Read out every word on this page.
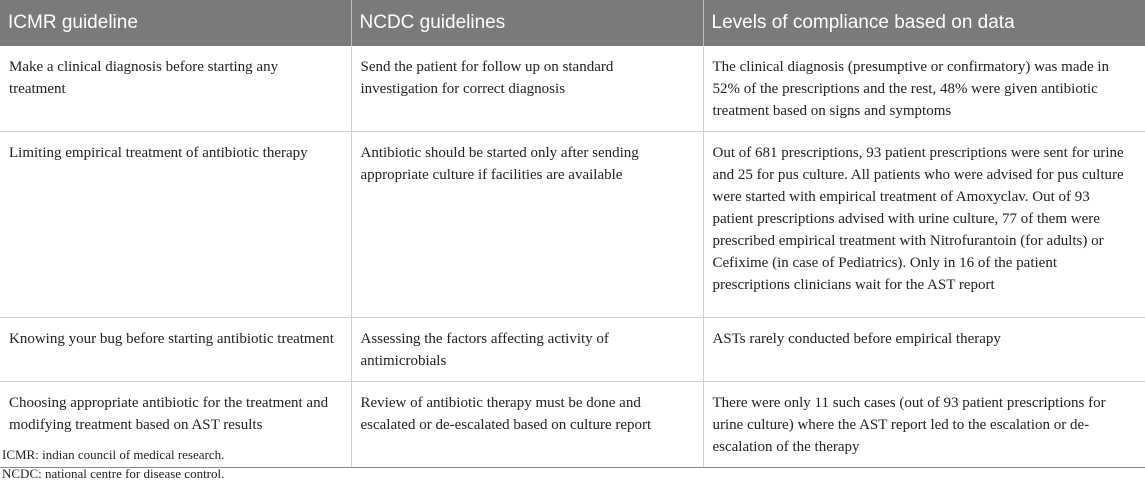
ICMR guideline	NCDC guidelines	Levels of compliance based on data
Make a clinical diagnosis before starting any treatment	Send the patient for follow up on standard investigation for correct diagnosis	The clinical diagnosis (presumptive or confirmatory) was made in 52% of the prescriptions and the rest, 48% were given antibiotic treatment based on signs and symptoms
Limiting empirical treatment of antibiotic therapy	Antibiotic should be started only after sending appropriate culture if facilities are available	Out of 681 prescriptions, 93 patient prescriptions were sent for urine and 25 for pus culture. All patients who were advised for pus culture were started with empirical treatment of Amoxyclav. Out of 93 patient prescriptions advised with urine culture, 77 of them were prescribed empirical treatment with Nitrofurantoin (for adults) or Cefixime (in case of Pediatrics). Only in 16 of the patient prescriptions clinicians wait for the AST report
Knowing your bug before starting antibiotic treatment	Assessing the factors affecting activity of antimicrobials	ASTs rarely conducted before empirical therapy
Choosing appropriate antibiotic for the treatment and modifying treatment based on AST results	Review of antibiotic therapy must be done and escalated or de-escalated based on culture report	There were only 11 such cases (out of 93 patient prescriptions for urine culture) where the AST report led to the escalation or de-escalation of the therapy
ICMR: indian council of medical research.
NCDC: national centre for disease control.
